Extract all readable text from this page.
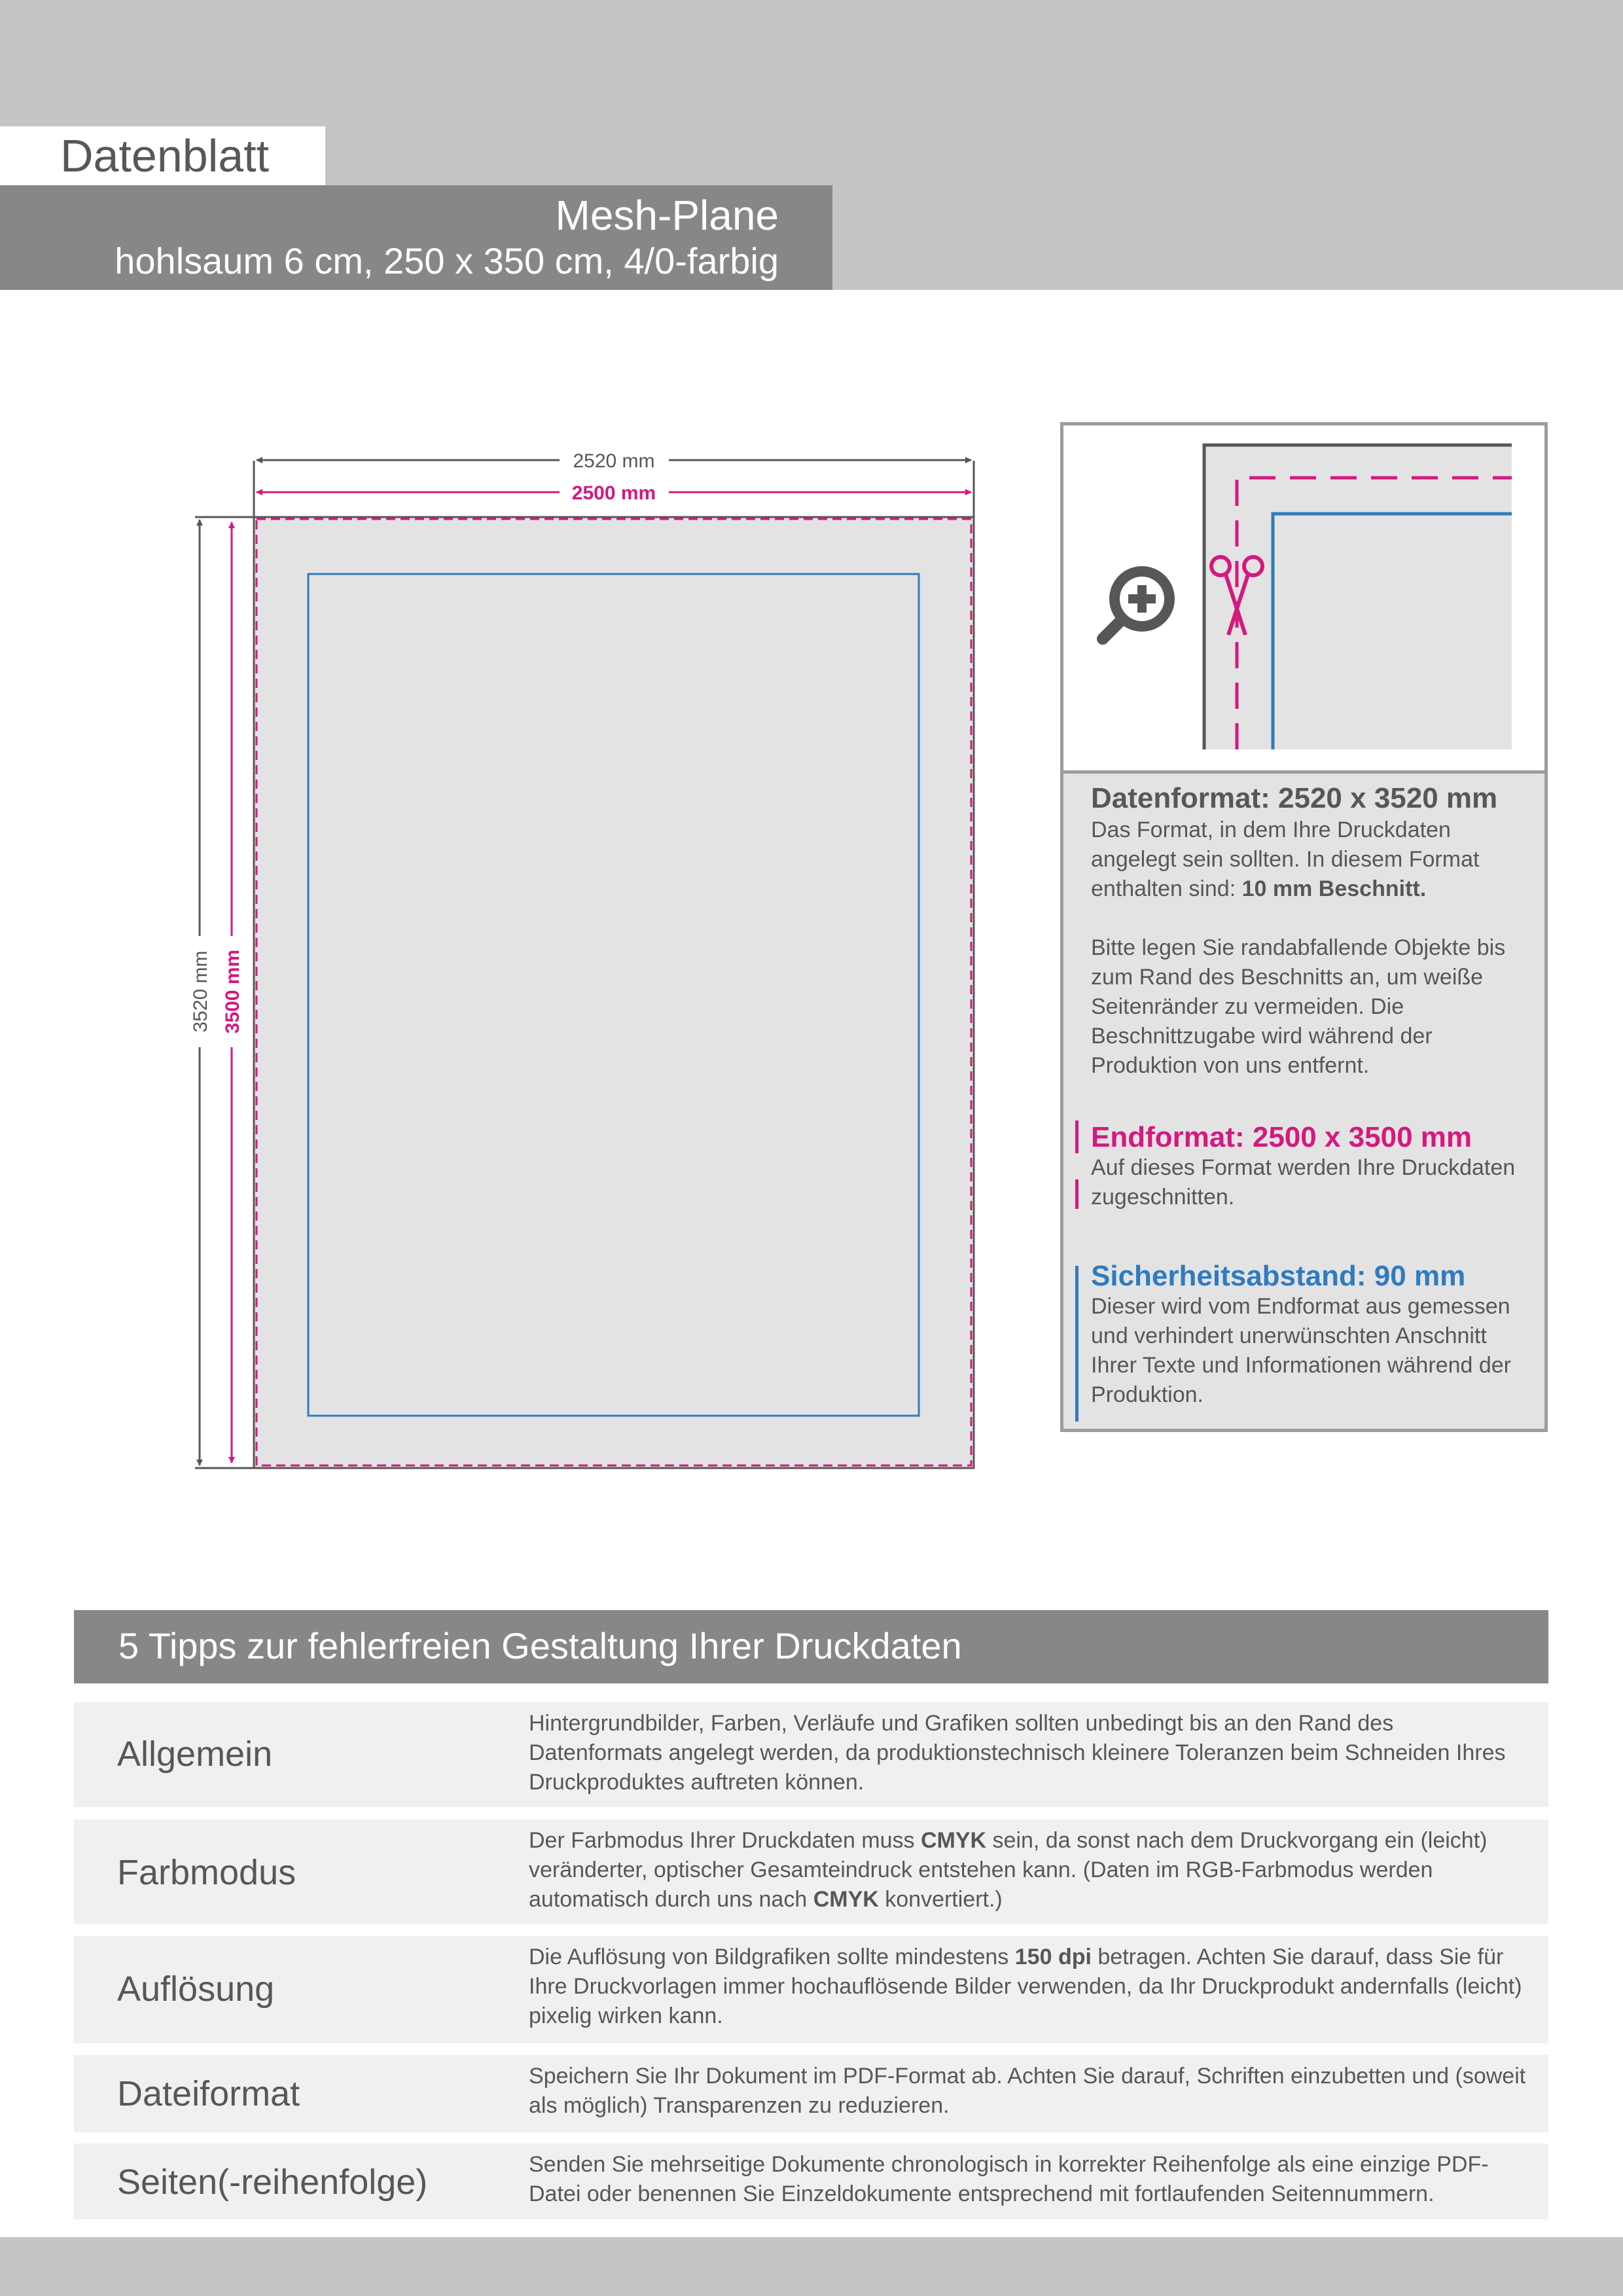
Datenblatt
Mesh-Plane
hohlsaum 6 cm, 250 x 350 cm, 4/0-farbig
2520 mm
2500 mm
3520 mm 3500 mm
Datenformat: 2520 x 3520 mm
Das Format, in dem Ihre Druckdaten angelegt sein sollten. In diesem Format enthalten sind: 10 mm Beschnitt.
Bitte legen Sie randabfallende Objekte bis zum Rand des Beschnitts an, um weiße Seitenränder zu vermeiden. Die Beschnittzugabe wird während der Produktion von uns entfernt.
Endformat: 2500 x 3500 mm
Auf dieses Format werden Ihre Druckdaten zugeschnitten.
Sicherheitsabstand: 90 mm
Dieser wird vom Endformat aus gemessen und verhindert unerwünschten Anschnitt Ihrer Texte und Informationen während der Produktion.
5 Tipps zur fehlerfreien Gestaltung Ihrer Druckdaten
Allgemein
Hintergrundbilder, Farben, Verläufe und Grafiken sollten unbedingt bis an den Rand des Datenformats angelegt werden, da produktionstechnisch kleinere Toleranzen beim Schneiden Ihres Druckproduktes auftreten können.
Farbmodus
Der Farbmodus Ihrer Druckdaten muss CMYK sein, da sonst nach dem Druckvorgang ein (leicht) veränderter, optischer Gesamteindruck entstehen kann. (Daten im RGB-Farbmodus werden automatisch durch uns nach CMYK konvertiert.)
Auflösung
Die Auflösung von Bildgrafiken sollte mindestens 150 dpi betragen. Achten Sie darauf, dass Sie für Ihre Druckvorlagen immer hochauflösende Bilder verwenden, da Ihr Druckprodukt andernfalls (leicht) pixelig wirken kann.
Dateiformat	Speichern Sie Ihr Dokument im PDF-Format ab. Achten Sie darauf, Schriften einzubetten und (soweit als möglich) Transparenzen zu reduzieren.
Seiten(-reihenfolge)	Senden Sie mehrseitige Dokumente chronologisch in korrekter Reihenfolge als eine einzige PDF-Datei oder benennen Sie Einzeldokumente entsprechend mit fortlaufenden Seitennummern.
